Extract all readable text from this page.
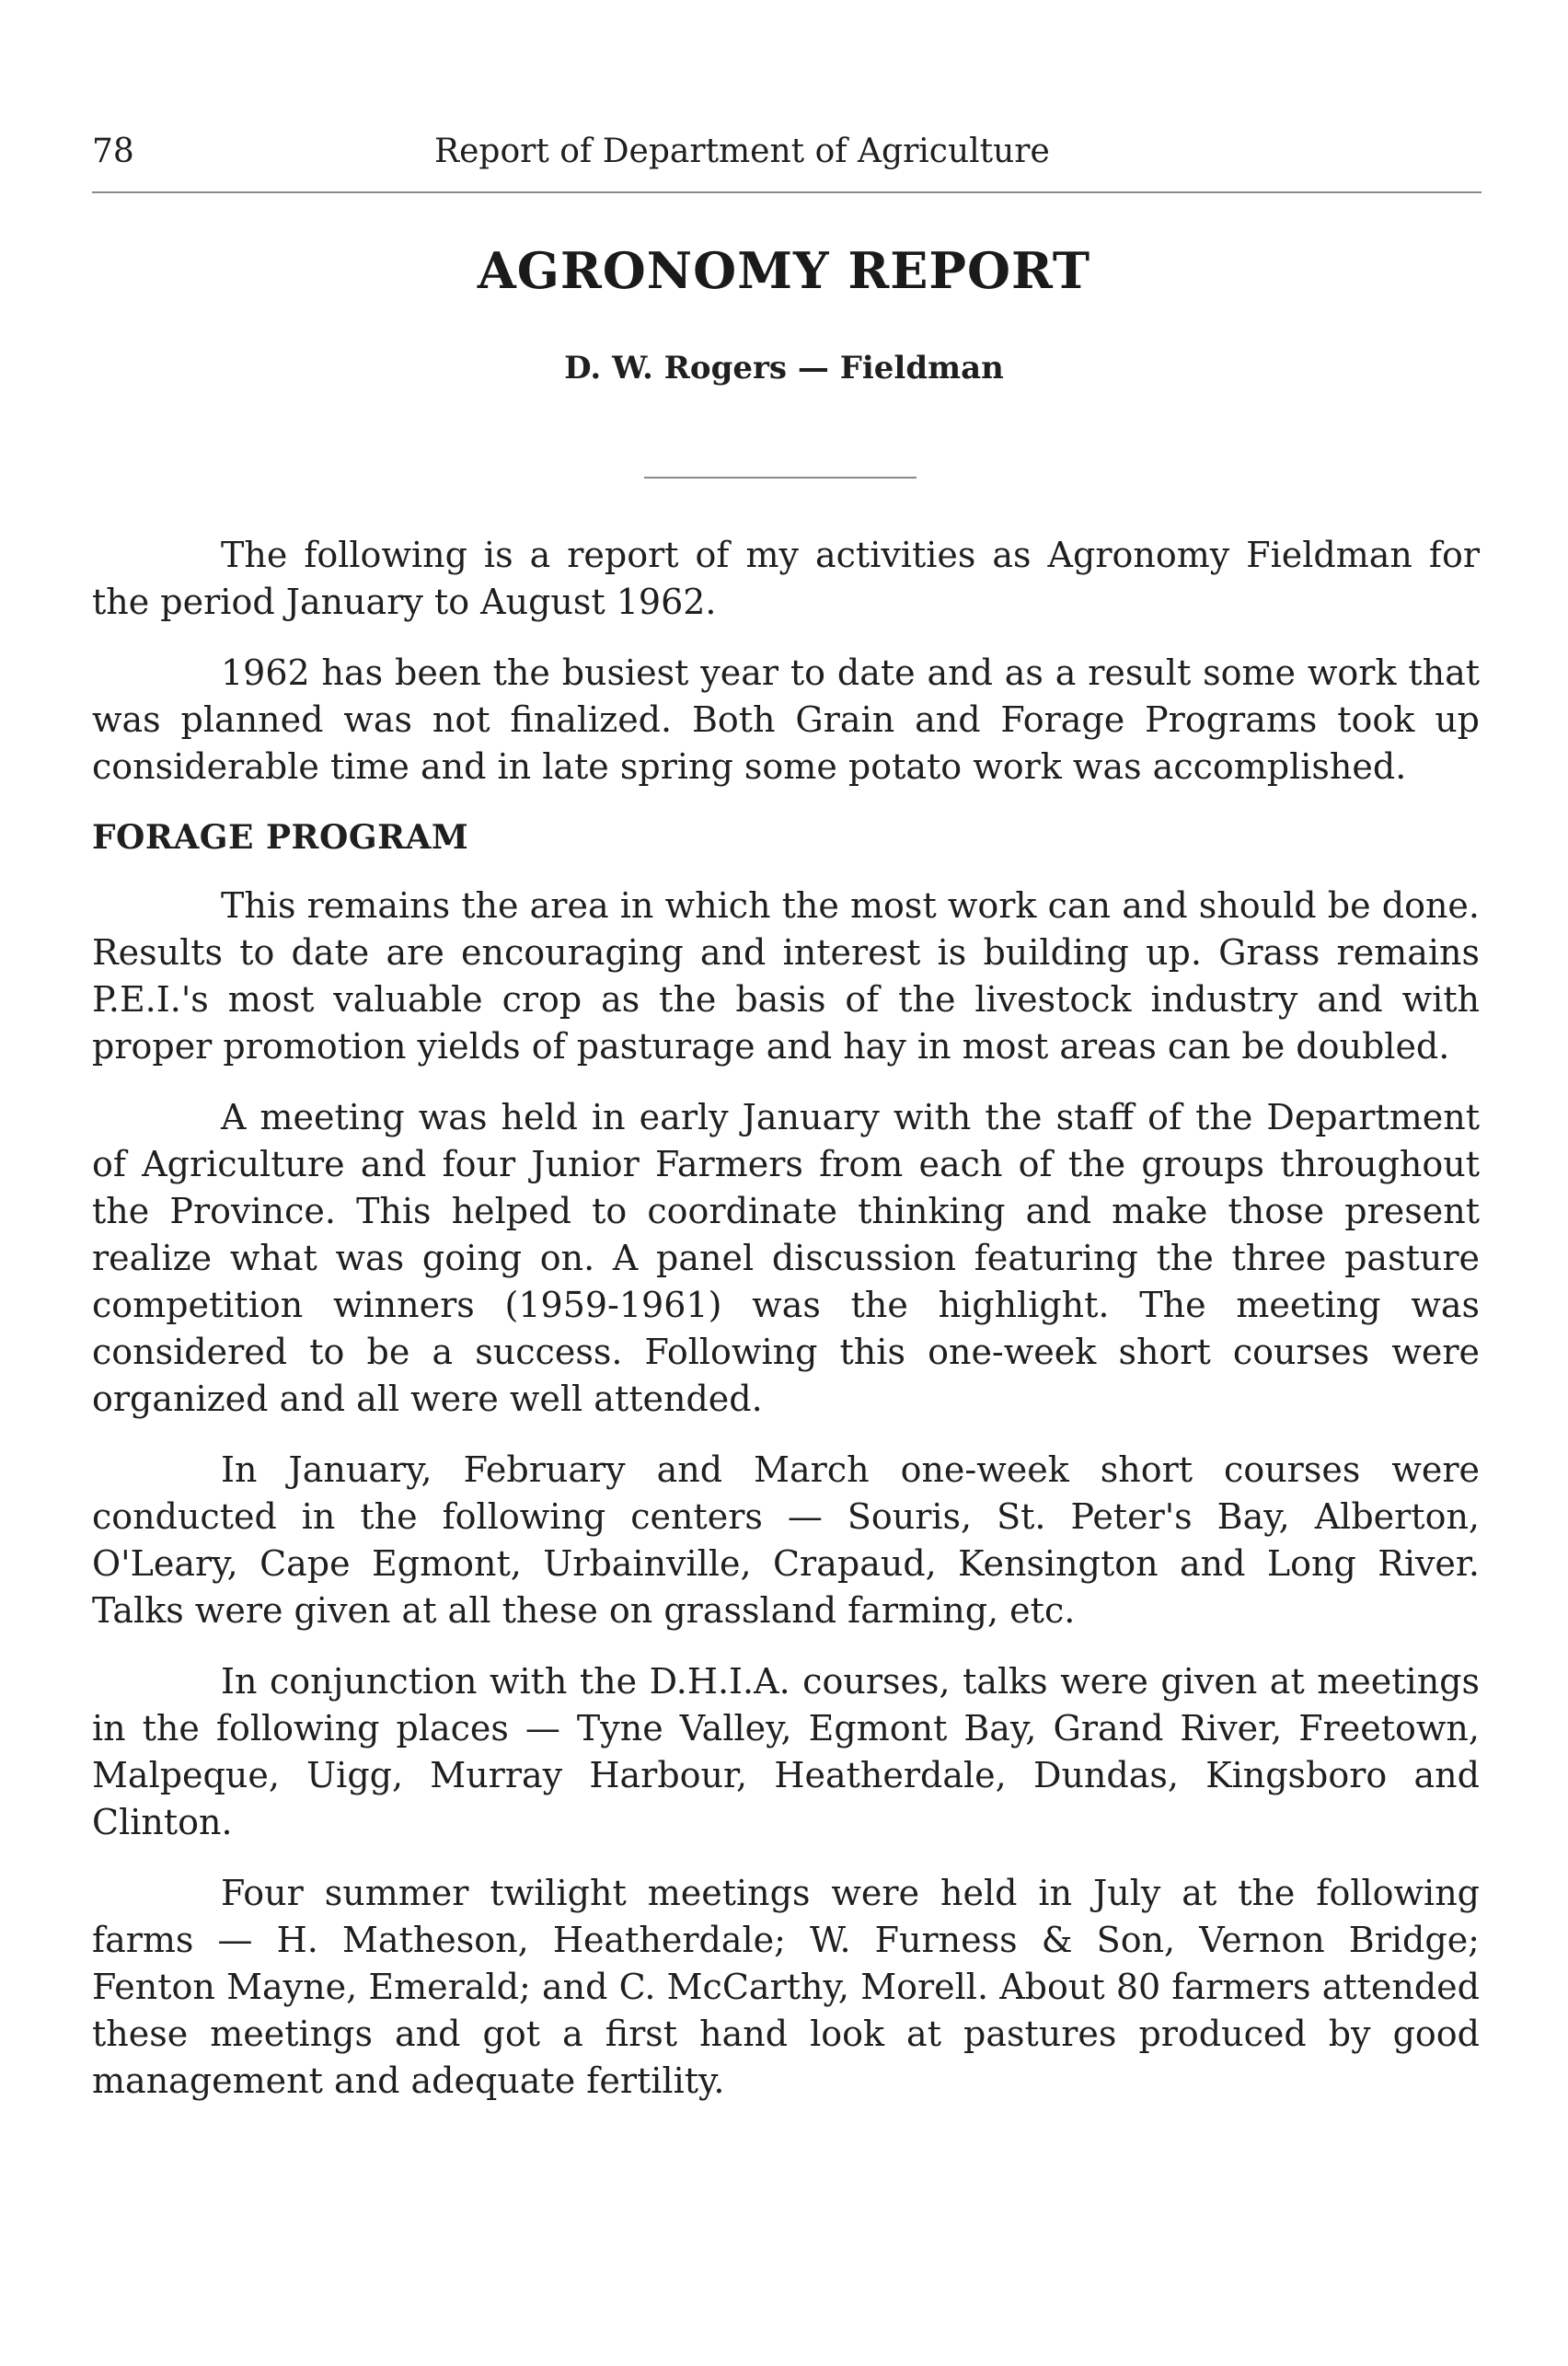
78	Report of Department of Agriculture
AGRONOMY REPORT
D. W. Rogers — Fieldman

The following is a report of my activities as Agronomy Fieldman for the period January to August 1962.

1962 has been the busiest year to date and as a result some work that was planned was not finalized. Both Grain and Forage Programs took up considerable time and in late spring some potato work was accomplished.

FORAGE PROGRAM

This remains the area in which the most work can and should be done. Results to date are encouraging and interest is building up. Grass remains P.E.I.'s most valuable crop as the basis of the livestock industry and with proper promotion yields of pasturage and hay in most areas can be doubled.

A meeting was held in early January with the staff of the Department of Agriculture and four Junior Farmers from each of the groups throughout the Province. This helped to coordinate thinking and make those present realize what was going on. A panel discussion featuring the three pasture competition winners (1959-1961) was the highlight. The meeting was considered to be a success. Following this one-week short courses were organized and all were well attended.

In January, February and March one-week short courses were conducted in the following centers — Souris, St. Peter's Bay, Alberton, O'Leary, Cape Egmont, Urbainville, Crapaud, Kensington and Long River. Talks were given at all these on grassland farming, etc.

In conjunction with the D.H.I.A. courses, talks were given at meetings in the following places — Tyne Valley, Egmont Bay, Grand River, Freetown, Malpeque, Uigg, Murray Harbour, Heatherdale, Dundas, Kingsboro and Clinton.

Four summer twilight meetings were held in July at the following farms — H. Matheson, Heatherdale; W. Furness & Son, Vernon Bridge; Fenton Mayne, Emerald; and C. McCarthy, Morell. About 80 farmers attended these meetings and got a first hand look at pastures produced by good management and adequate fertility.
